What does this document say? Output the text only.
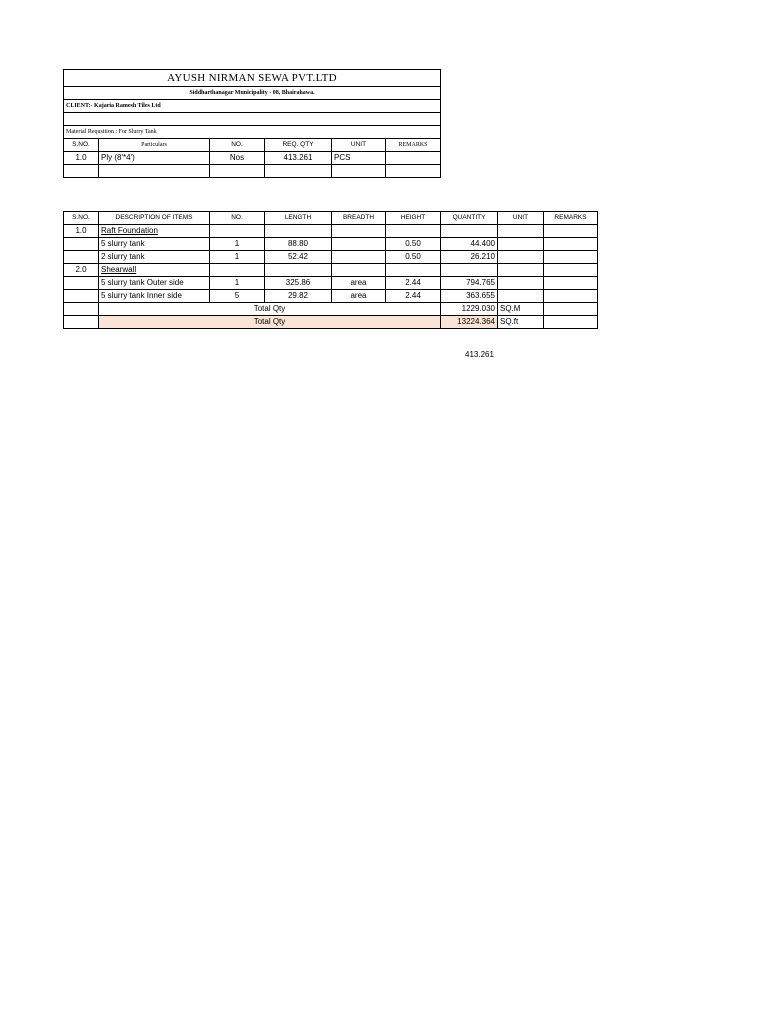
AYUSH NIRMAN SEWA PVT.LTD					
Siddharthanagar Municipality - 08, Bhairahawa.					
CLIENT:- Kajaria Ramesh Tiles Ltd					

Material Requsition : For Slurry Tank					
S.NO.	Particulars	NO.	REQ. QTY	UNIT	REMARKS
1.0	Ply (8'*4')	Nos	413.261	PCS	

S.NO.	DESCRIPTION OF ITEMS	NO.	LENGTH	BREADTH	HEIGHT	QUANTITY	UNIT	REMARKS
1.0	Raft Foundation							
	5 slurry tank	1	88.80		0.50	44.400		
	2 slurry tank	1	52.42		0.50	26.210		
2.0	Shearwall							
	5 slurry tank Outer side	1	325.86	area	2.44	794.765		
	5 slurry tank Inner side	5	29.82	area	2.44	363.655		
	Total Qty					1229.030	SQ.M	
	Total Qty					13224.364	SQ.ft	
413.261
